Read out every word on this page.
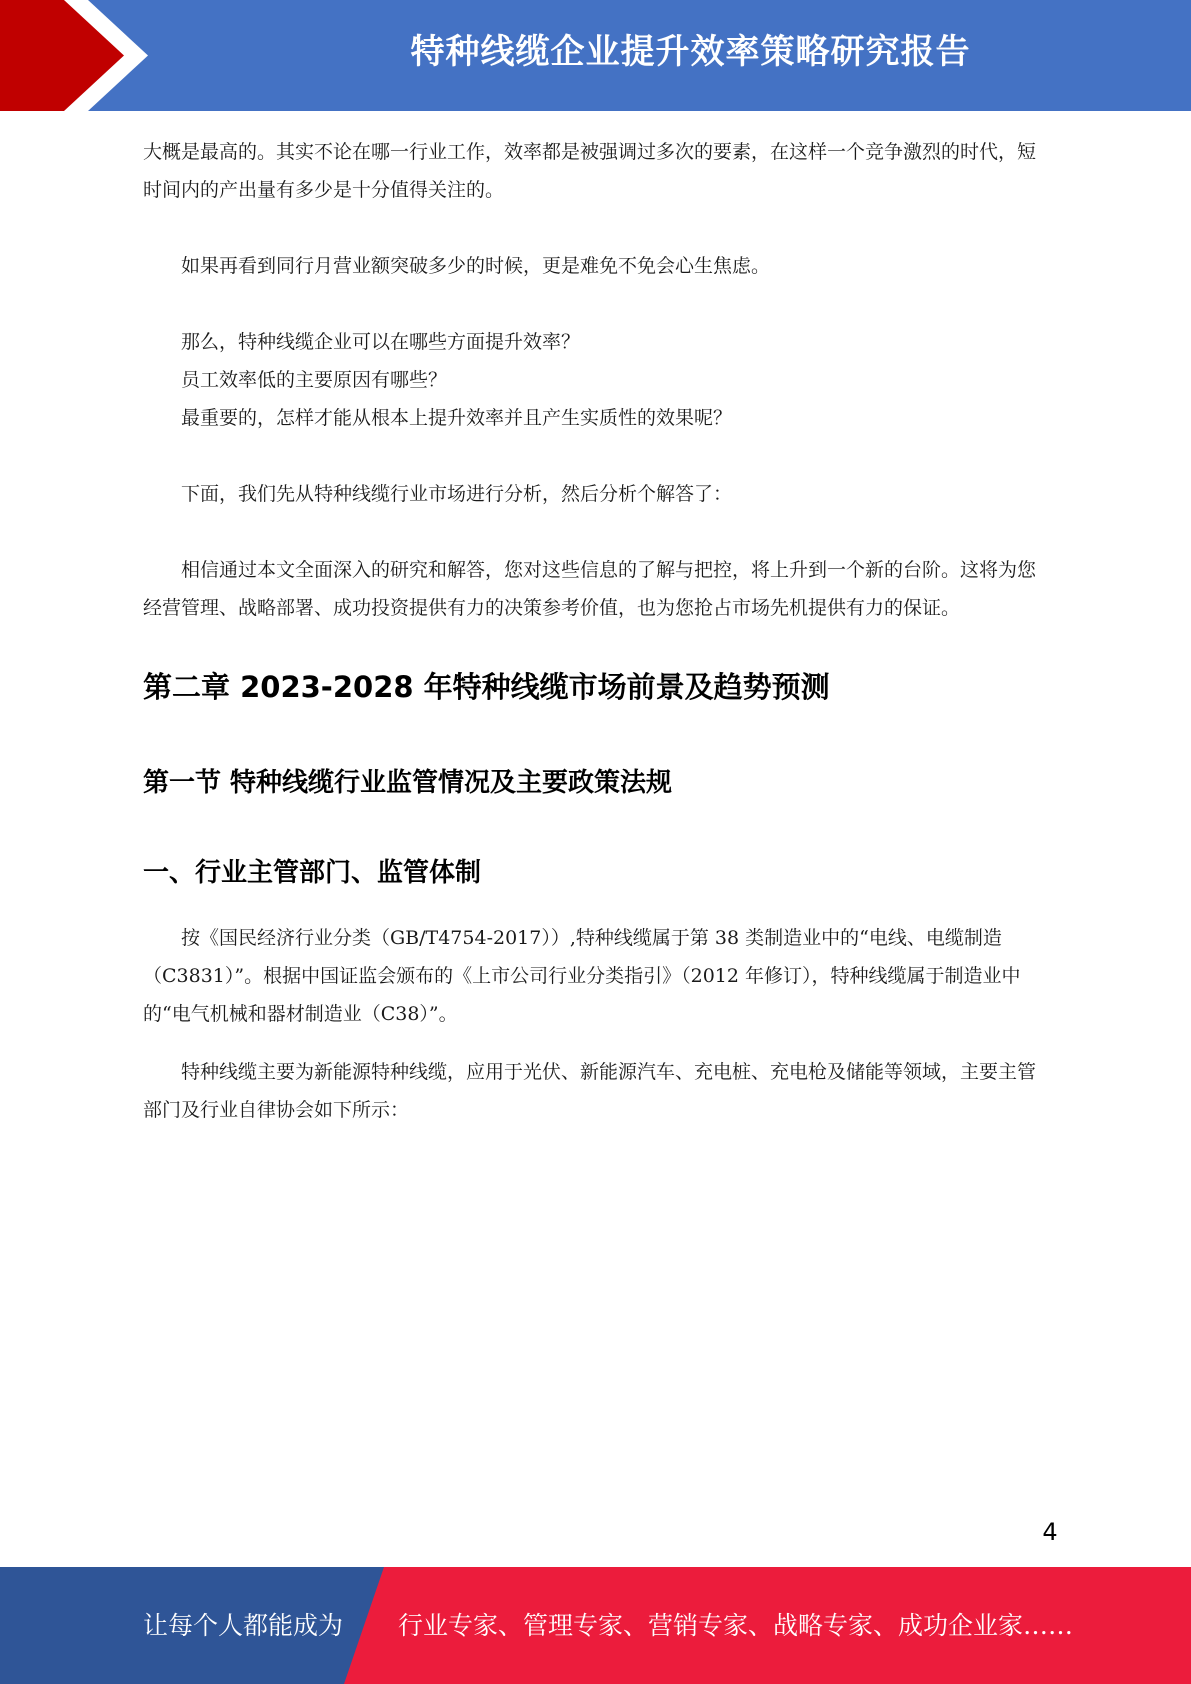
特种线缆企业提升效率策略研究报告

大概是最高的。其实不论在哪一行业工作，效率都是被强调过多次的要素，在这样一个竞争激烈的时代，短时间内的产出量有多少是十分值得关注的。

如果再看到同行月营业额突破多少的时候，更是难免不免会心生焦虑。

那么，特种线缆企业可以在哪些方面提升效率？

员工效率低的主要原因有哪些？

最重要的，怎样才能从根本上提升效率并且产生实质性的效果呢？

下面，我们先从特种线缆行业市场进行分析，然后分析个解答了：

相信通过本文全面深入的研究和解答，您对这些信息的了解与把控，将上升到一个新的台阶。这将为您经营管理、战略部署、成功投资提供有力的决策参考价值，也为您抢占市场先机提供有力的保证。

第二章 2023-2028 年特种线缆市场前景及趋势预测
第一节 特种线缆行业监管情况及主要政策法规
一、行业主管部门、监管体制

按《国民经济行业分类（GB/T4754-2017））,特种线缆属于第 38 类制造业中的“电线、电缆制造（C3831）”。根据中国证监会颁布的《上市公司行业分类指引》（2012 年修订），特种线缆属于制造业中的“电气机械和器材制造业（C38）”。

特种线缆主要为新能源特种线缆，应用于光伏、新能源汽车、充电桩、充电枪及储能等领域，主要主管部门及行业自律协会如下所示：

4
让每个人都能成为 行业专家、管理专家、营销专家、战略专家、成功企业家……
